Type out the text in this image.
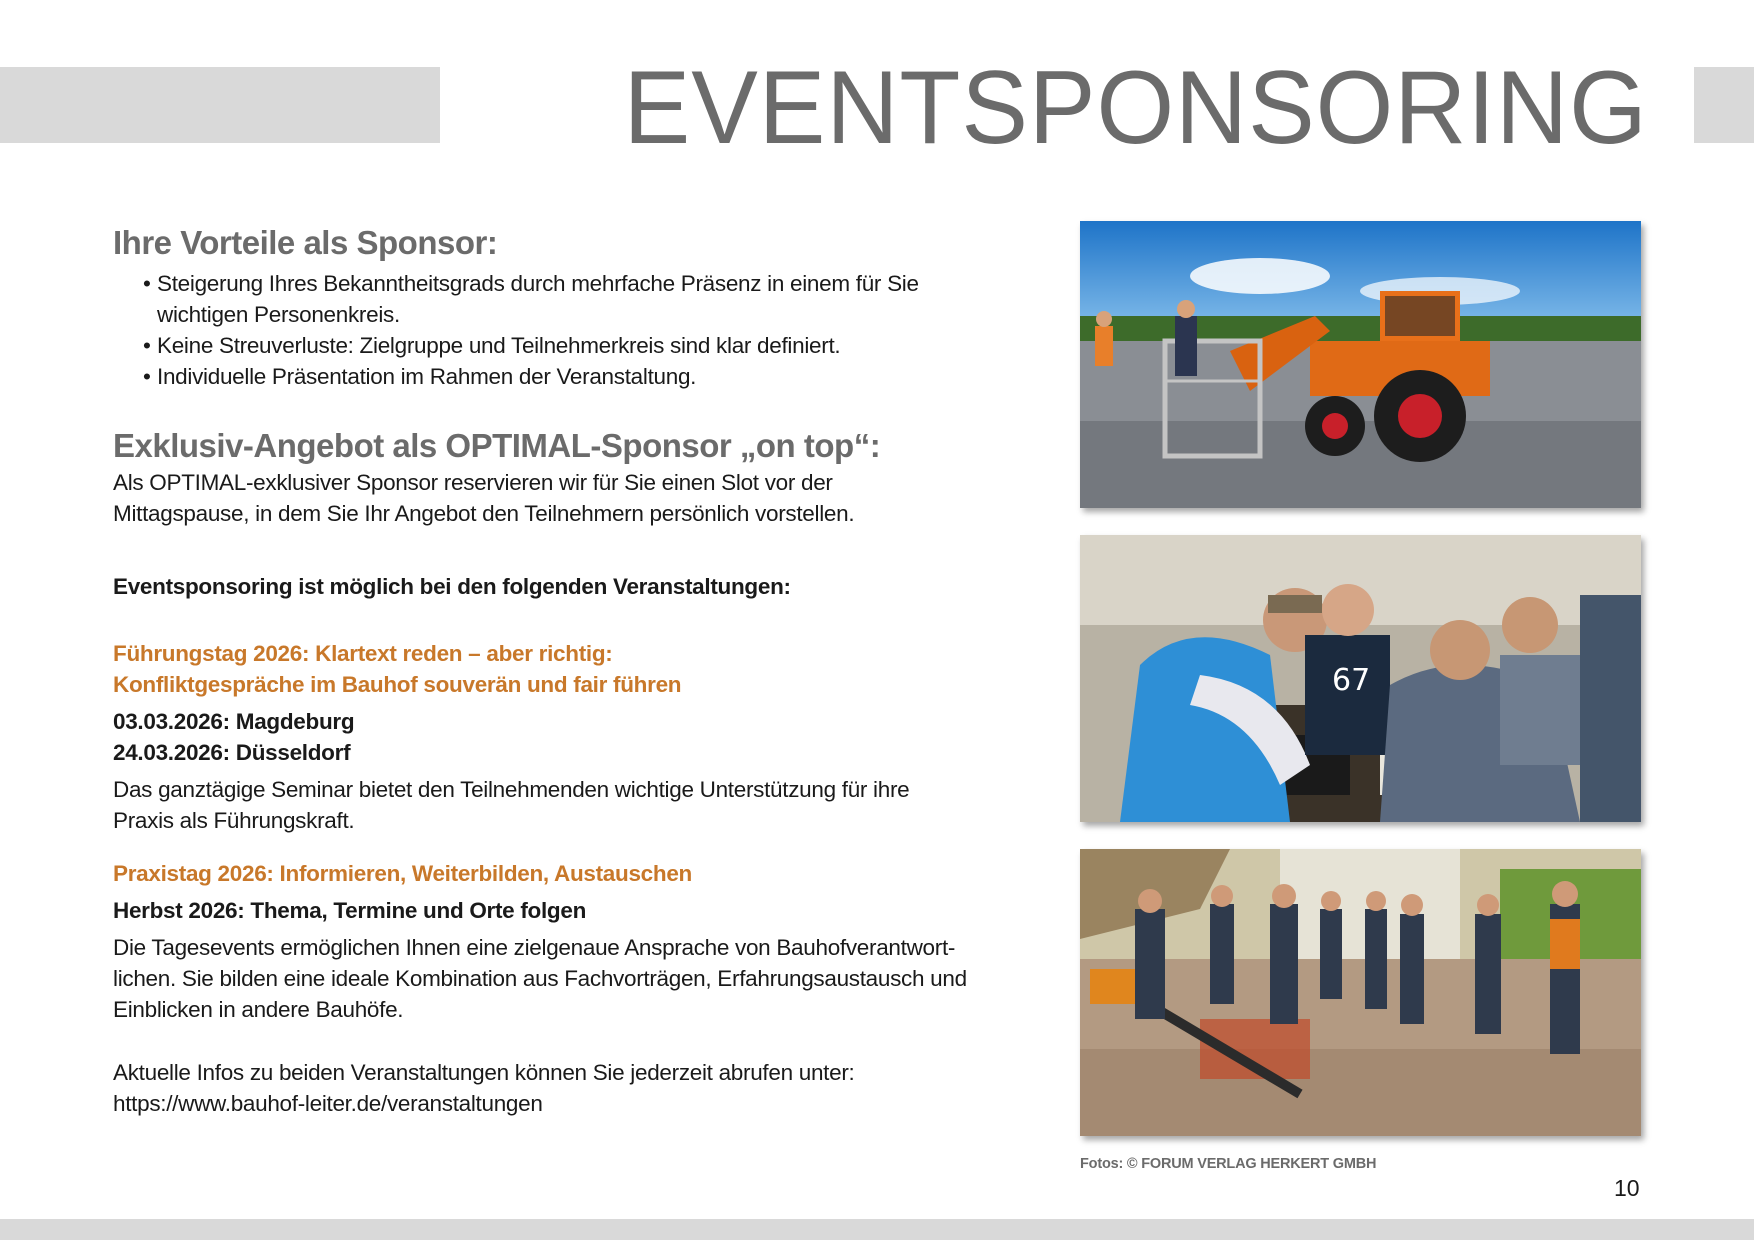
EVENTSPONSORING
Ihre Vorteile als Sponsor:
• Steigerung Ihres Bekanntheitsgrads durch mehrfache Präsenz in einem für Sie wichtigen Personenkreis.
• Keine Streuverluste: Zielgruppe und Teilnehmerkreis sind klar definiert.
• Individuelle Präsentation im Rahmen der Veranstaltung.
Exklusiv-Angebot als OPTIMAL-Sponsor „on top“:

Als OPTIMAL-exklusiver Sponsor reservieren wir für Sie einen Slot vor der

Mittagspause, in dem Sie Ihr Angebot den Teilnehmern persönlich vorstellen.

Eventsponsoring ist möglich bei den folgenden Veranstaltungen:

Führungstag 2026: Klartext reden – aber richtig:

Konfliktgespräche im Bauhof souverän und fair führen

03.03.2026: Magdeburg

24.03.2026: Düsseldorf

Das ganztägige Seminar bietet den Teilnehmenden wichtige Unterstützung für ihre

Praxis als Führungskraft.

Praxistag 2026: Informieren, Weiterbilden, Austauschen

Herbst 2026: Thema, Termine und Orte folgen

Die Tagesevents ermöglichen Ihnen eine zielgenaue Ansprache von Bauhofverantwort-

lichen. Sie bilden eine ideale Kombination aus Fachvorträgen, Erfahrungsaustausch und

Einblicken in andere Bauhöfe.

Aktuelle Infos zu beiden Veranstaltungen können Sie jederzeit abrufen unter:

https://www.bauhof-leiter.de/veranstaltungen

67
Fotos: © FORUM VERLAG HERKERT GMBH
10
